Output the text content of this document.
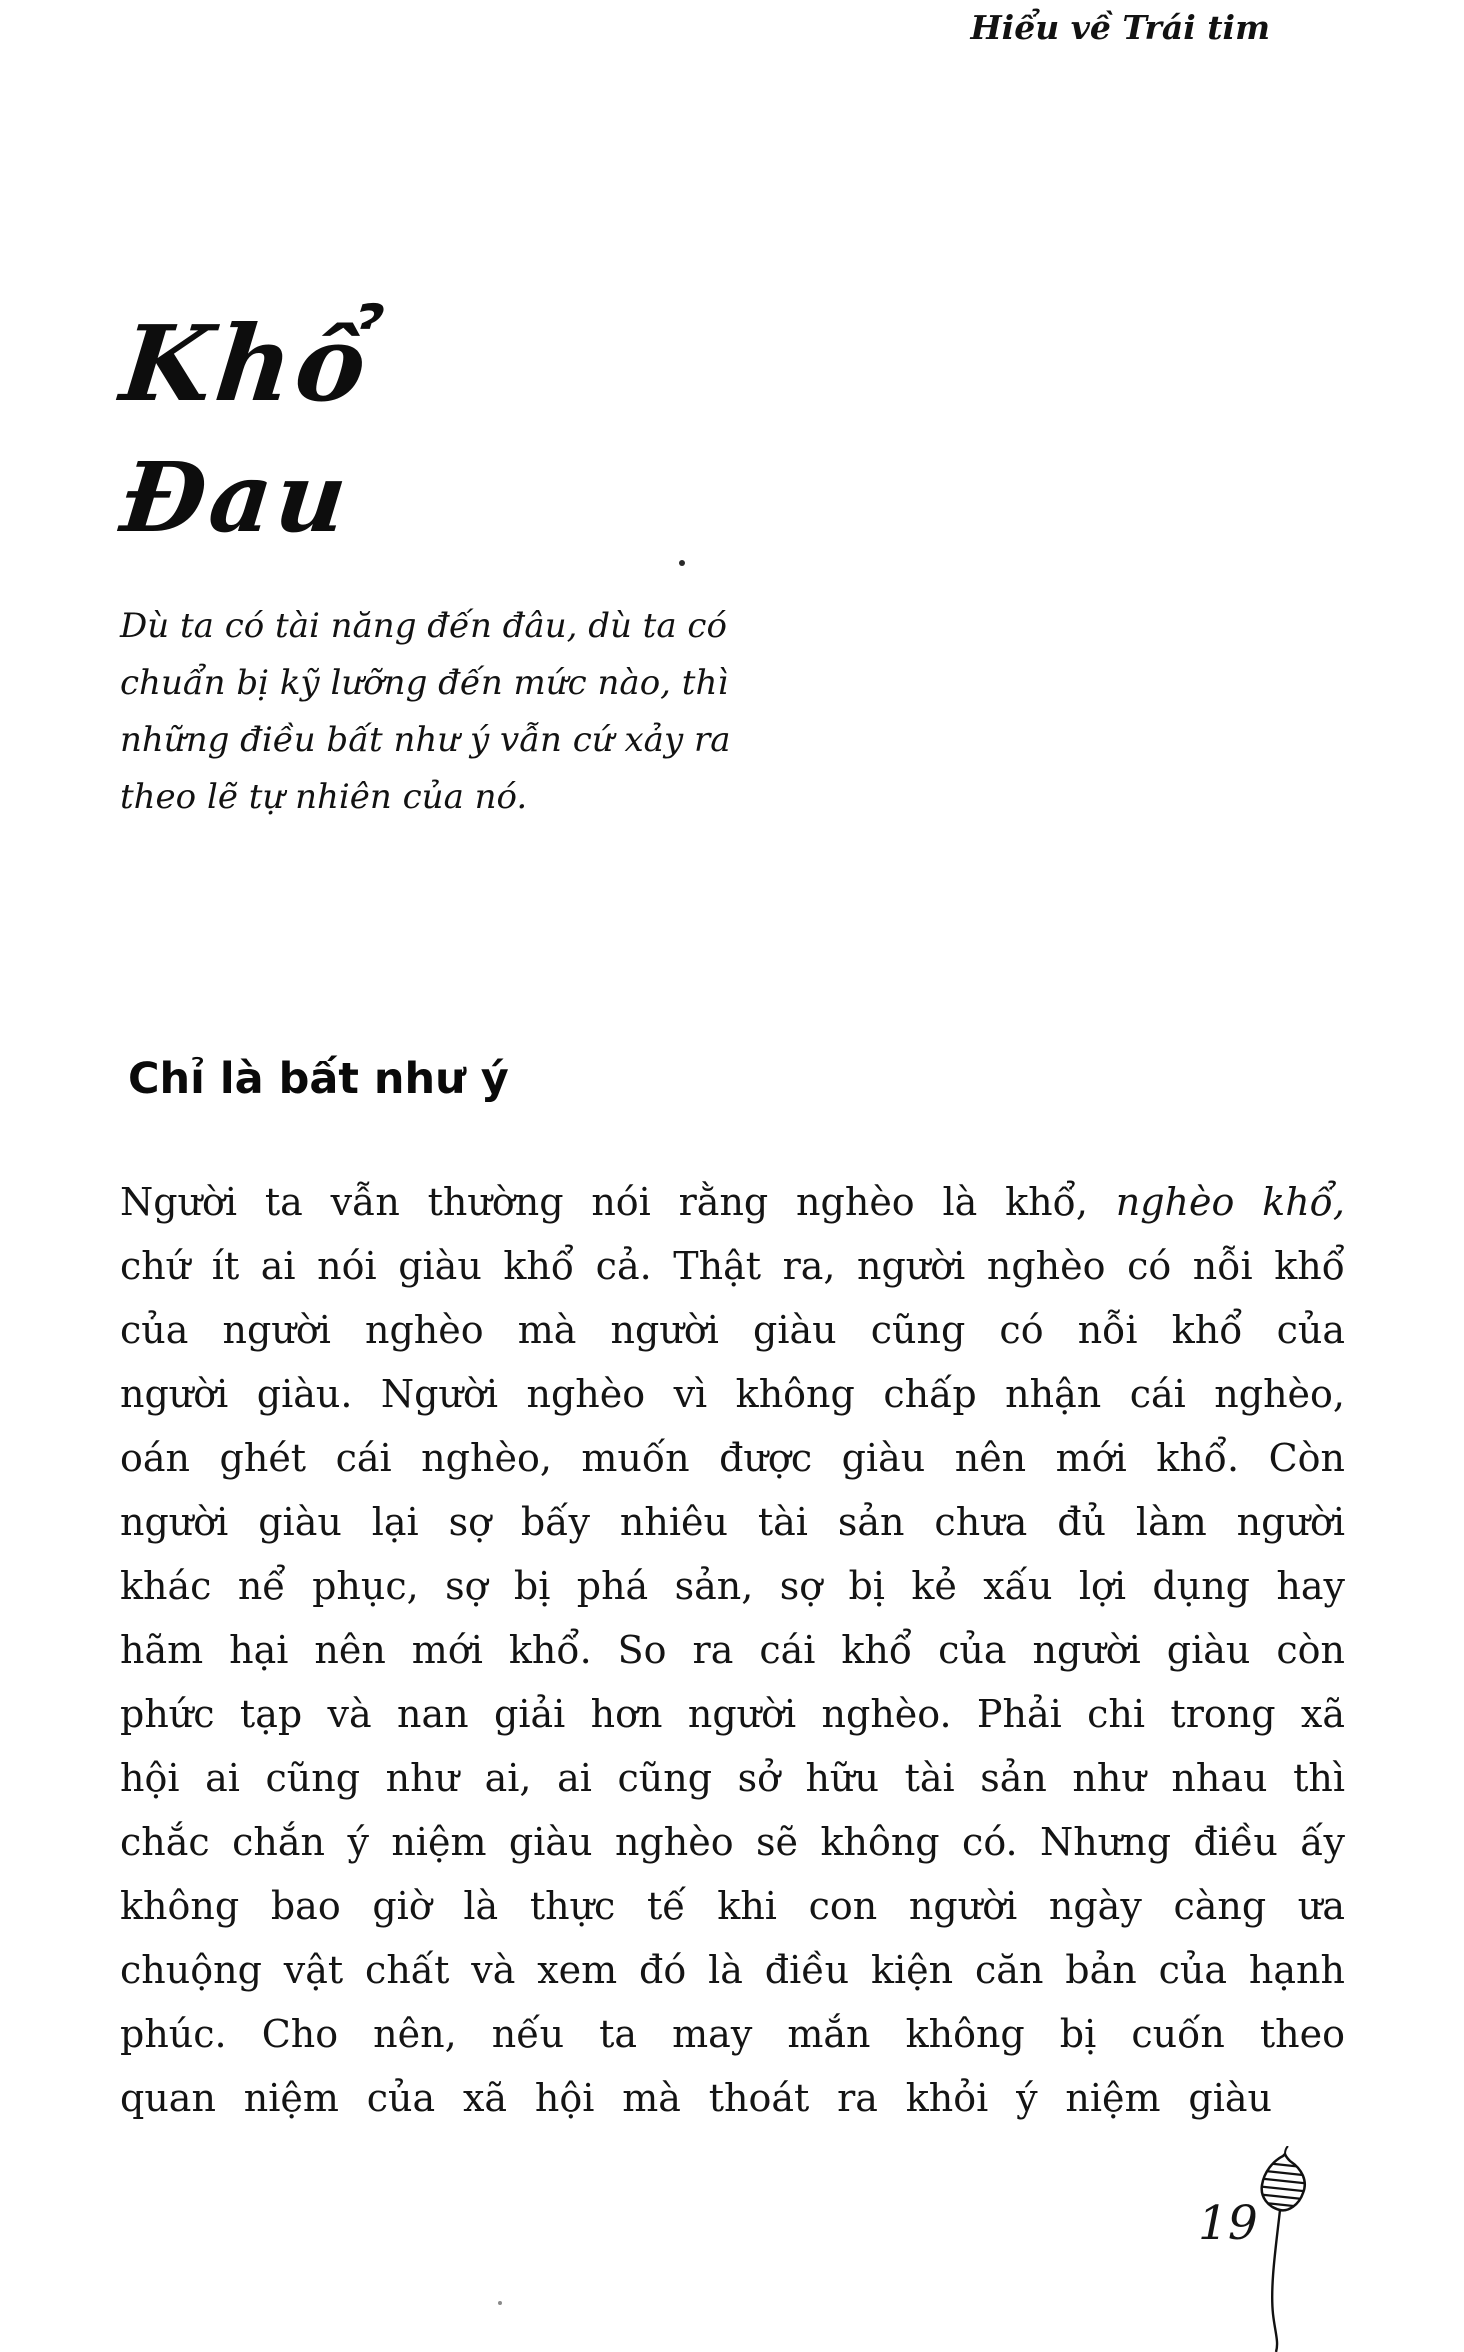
Hiểu về Trái tim
Khổ
Đau
Dù ta có tài năng đến đâu, dù ta có
chuẩn bị kỹ lưỡng đến mức nào, thì
những điều bất như ý vẫn cứ xảy ra
theo lẽ tự nhiên của nó.
Chỉ là bất như ý
Người ta vẫn thường nói rằng nghèo là khổ, nghèo khổ,
chứ ít ai nói giàu khổ cả. Thật ra, người nghèo có nỗi khổ
của người nghèo mà người giàu cũng có nỗi khổ của
người giàu. Người nghèo vì không chấp nhận cái nghèo,
oán ghét cái nghèo, muốn được giàu nên mới khổ. Còn
người giàu lại sợ bấy nhiêu tài sản chưa đủ làm người
khác nể phục, sợ bị phá sản, sợ bị kẻ xấu lợi dụng hay
hãm hại nên mới khổ. So ra cái khổ của người giàu còn
phức tạp và nan giải hơn người nghèo. Phải chi trong xã
hội ai cũng như ai, ai cũng sở hữu tài sản như nhau thì
chắc chắn ý niệm giàu nghèo sẽ không có. Nhưng điều ấy
không bao giờ là thực tế khi con người ngày càng ưa
chuộng vật chất và xem đó là điều kiện căn bản của hạnh
phúc. Cho nên, nếu ta may mắn không bị cuốn theo
quan niệm của xã hội mà thoát ra khỏi ý niệm giàu
19
